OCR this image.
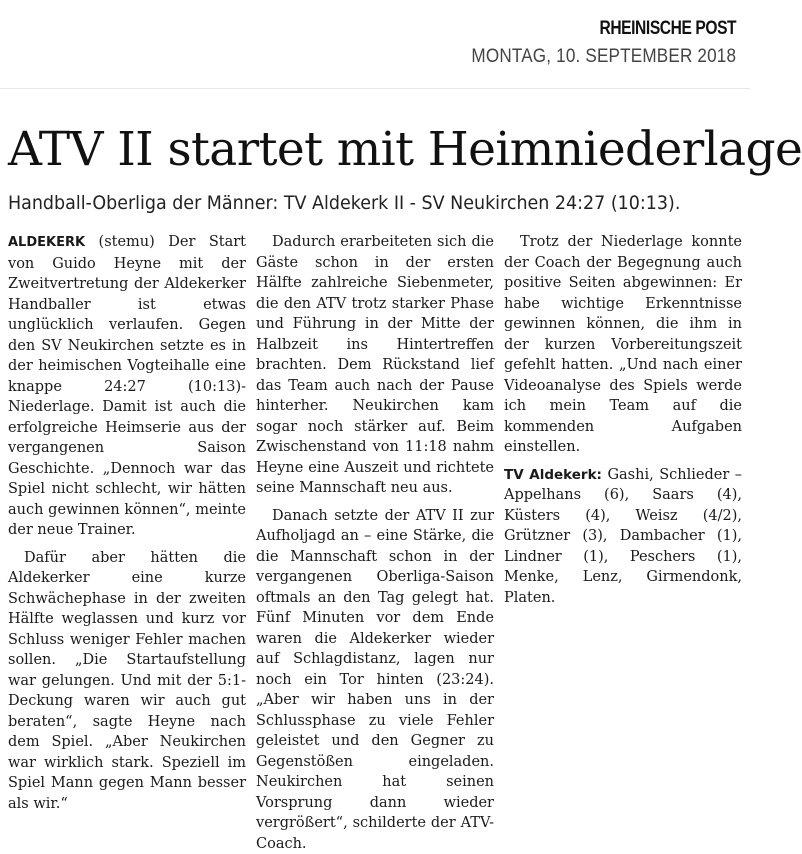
RHEINISCHE POST
MONTAG, 10. SEPTEMBER 2018
ATV II startet mit Heimniederlage
Handball-Oberliga der Männer: TV Aldekerk II - SV Neukirchen 24:27 (10:13).

ALDEKERK (stemu) Der Start von Guido Heyne mit der Zweitvertretung der Aldekerker Handballer ist etwas unglücklich verlaufen. Gegen den SV Neukirchen setzte es in der heimischen Vogteihalle eine knappe 24:27 (10:13)-Niederlage. Damit ist auch die erfolgreiche Heimserie aus der vergangenen Saison Geschichte. „Dennoch war das Spiel nicht schlecht, wir hätten auch gewinnen können“, meinte der neue Trainer.

Dafür aber hätten die Aldekerker eine kurze Schwächephase in der zweiten Hälfte weglassen und kurz vor Schluss weniger Fehler machen sollen. „Die Startaufstellung war gelungen. Und mit der 5:1-Deckung waren wir auch gut beraten“, sagte Heyne nach dem Spiel. „Aber Neukirchen war wirklich stark. Speziell im Spiel Mann gegen Mann besser als wir.“

Dadurch erarbeiteten sich die Gäste schon in der ersten Hälfte zahlreiche Siebenmeter, die den ATV trotz starker Phase und Führung in der Mitte der Halbzeit ins Hintertreffen brachten. Dem Rückstand lief das Team auch nach der Pause hinterher. Neukirchen kam sogar noch stärker auf. Beim Zwischenstand von 11:18 nahm Heyne eine Auszeit und richtete seine Mannschaft neu aus.

Danach setzte der ATV II zur Aufholjagd an – eine Stärke, die die Mannschaft schon in der vergangenen Oberliga-Saison oftmals an den Tag gelegt hat. Fünf Minuten vor dem Ende waren die Aldekerker wieder auf Schlagdistanz, lagen nur noch ein Tor hinten (23:24). „Aber wir haben uns in der Schlussphase zu viele Fehler geleistet und den Gegner zu Gegenstößen eingeladen. Neukirchen hat seinen Vorsprung dann wieder vergrößert“, schilderte der ATV-Coach.

Trotz der Niederlage konnte der Coach der Begegnung auch positive Seiten abgewinnen: Er habe wichtige Erkenntnisse gewinnen können, die ihm in der kurzen Vorbereitungszeit gefehlt hatten. „Und nach einer Videoanalyse des Spiels werde ich mein Team auf die kommenden Aufgaben einstellen.

TV Aldekerk: Gashi, Schlieder – Appelhans (6), Saars (4), Küsters (4), Weisz (4/2), Grützner (3), Dambacher (1), Lindner (1), Peschers (1), Menke, Lenz, Girmendonk, Platen.
